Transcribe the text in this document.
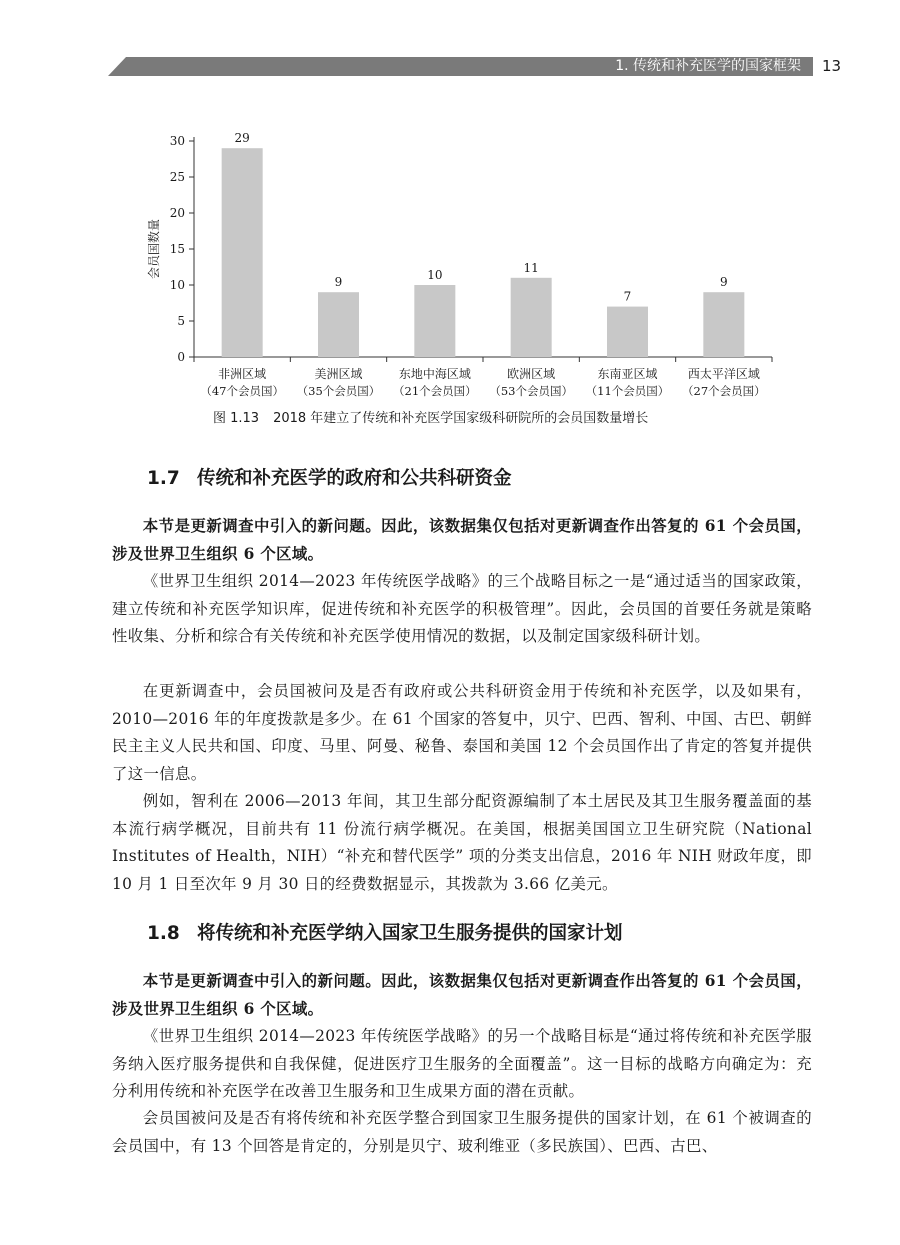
1. 传统和补充医学的国家框架 13
0
5
10
15
20
25
30
会员国数量
29
非洲区域
（47个会员国）
9
美洲区域
（35个会员国）
10
东地中海区域
（21个会员国）
11
欧洲区域
（53个会员国）
7
东南亚区域
（11个会员国）
9
西太平洋区域
（27个会员国）
图 1.13 2018 年建立了传统和补充医学国家级科研院所的会员国数量增长
1.7 传统和补充医学的政府和公共科研资金

本节是更新调查中引入的新问题。因此，该数据集仅包括对更新调查作出答复的 61 个会员国，涉及世界卫生组织 6 个区域。

《世界卫生组织 2014—2023 年传统医学战略》的三个战略目标之一是“通过适当的国家政策，建立传统和补充医学知识库，促进传统和补充医学的积极管理”。因此，会员国的首要任务就是策略性收集、分析和综合有关传统和补充医学使用情况的数据，以及制定国家级科研计划。

在更新调查中，会员国被问及是否有政府或公共科研资金用于传统和补充医学，以及如果有，2010—2016 年的年度拨款是多少。在 61 个国家的答复中，贝宁、巴西、智利、中国、古巴、朝鲜民主主义人民共和国、印度、马里、阿曼、秘鲁、泰国和美国 12 个会员国作出了肯定的答复并提供了这一信息。

例如，智利在 2006—2013 年间，其卫生部分配资源编制了本土居民及其卫生服务覆盖面的基本流行病学概况，目前共有 11 份流行病学概况。在美国，根据美国国立卫生研究院（National Institutes of Health，NIH）“补充和替代医学” 项的分类支出信息，2016 年 NIH 财政年度，即 10 月 1 日至次年 9 月 30 日的经费数据显示，其拨款为 3.66 亿美元。

1.8 将传统和补充医学纳入国家卫生服务提供的国家计划

本节是更新调查中引入的新问题。因此，该数据集仅包括对更新调查作出答复的 61 个会员国，涉及世界卫生组织 6 个区域。

《世界卫生组织 2014—2023 年传统医学战略》的另一个战略目标是“通过将传统和补充医学服务纳入医疗服务提供和自我保健，促进医疗卫生服务的全面覆盖”。这一目标的战略方向确定为：充分利用传统和补充医学在改善卫生服务和卫生成果方面的潜在贡献。

会员国被问及是否有将传统和补充医学整合到国家卫生服务提供的国家计划，在 61 个被调查的会员国中，有 13 个回答是肯定的，分别是贝宁、玻利维亚（多民族国）、巴西、古巴、
